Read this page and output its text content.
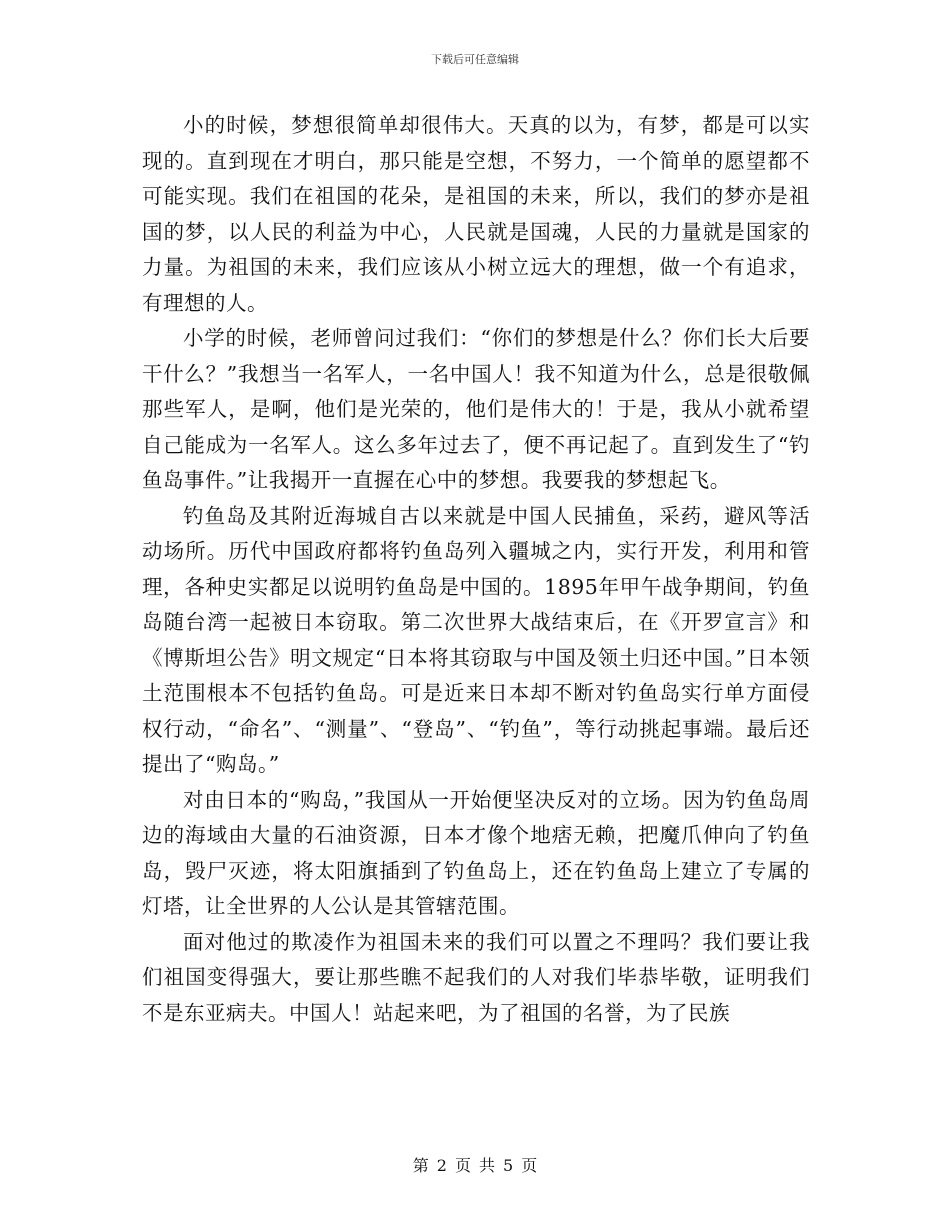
下载后可任意编辑

小的时候，梦想很简单却很伟大。天真的以为，有梦，都是可以实现的。直到现在才明白，那只能是空想，不努力，一个简单的愿望都不可能实现。我们在祖国的花朵，是祖国的未来，所以，我们的梦亦是祖国的梦，以人民的利益为中心，人民就是国魂，人民的力量就是国家的力量。为祖国的未来，我们应该从小树立远大的理想，做一个有追求，有理想的人。

小学的时候，老师曾问过我们：“你们的梦想是什么？你们长大后要干什么？”我想当一名军人，一名中国人！我不知道为什么，总是很敬佩那些军人，是啊，他们是光荣的，他们是伟大的！于是，我从小就希望自己能成为一名军人。这么多年过去了，便不再记起了。直到发生了“钓鱼岛事件。”让我揭开一直握在心中的梦想。我要我的梦想起飞。

钓鱼岛及其附近海城自古以来就是中国人民捕鱼，采药，避风等活动场所。历代中国政府都将钓鱼岛列入疆城之内，实行开发，利用和管理，各种史实都足以说明钓鱼岛是中国的。1895年甲午战争期间，钓鱼岛随台湾一起被日本窃取。第二次世界大战结束后，在《开罗宣言》和《博斯坦公告》明文规定“日本将其窃取与中国及领土归还中国。”日本领土范围根本不包括钓鱼岛。可是近来日本却不断对钓鱼岛实行单方面侵权行动，“命名”、“测量”、“登岛”、“钓鱼”，等行动挑起事端。最后还提出了“购岛。”

对由日本的“购岛，”我国从一开始便坚决反对的立场。因为钓鱼岛周边的海域由大量的石油资源，日本才像个地痞无赖，把魔爪伸向了钓鱼岛，毁尸灭迹，将太阳旗插到了钓鱼岛上，还在钓鱼岛上建立了专属的灯塔，让全世界的人公认是其管辖范围。

面对他过的欺凌作为祖国未来的我们可以置之不理吗？我们要让我们祖国变得强大，要让那些瞧不起我们的人对我们毕恭毕敬，证明我们不是东亚病夫。中国人！站起来吧，为了祖国的名誉，为了民族

第 2 页 共 5 页
